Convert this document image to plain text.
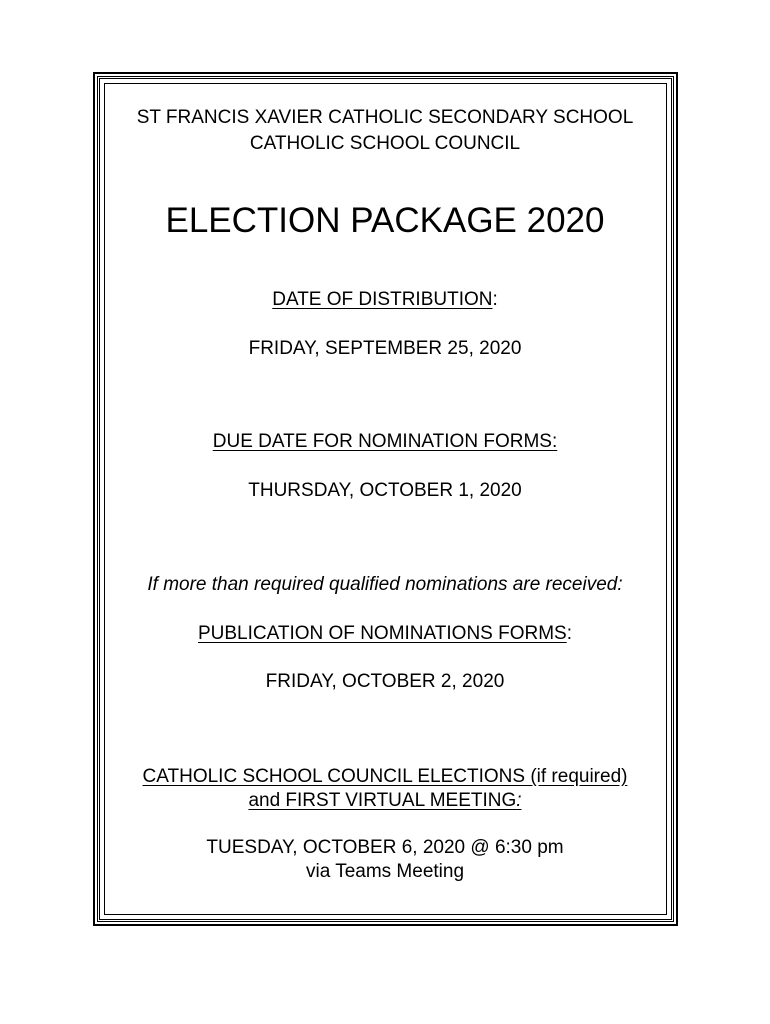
ST FRANCIS XAVIER CATHOLIC SECONDARY SCHOOL
CATHOLIC SCHOOL COUNCIL
ELECTION PACKAGE 2020
DATE OF DISTRIBUTION:
FRIDAY, SEPTEMBER 25, 2020
DUE DATE FOR NOMINATION FORMS:
THURSDAY, OCTOBER 1, 2020
If more than required qualified nominations are received:
PUBLICATION OF NOMINATIONS FORMS:
FRIDAY, OCTOBER 2, 2020
CATHOLIC SCHOOL COUNCIL ELECTIONS (if required)
and FIRST VIRTUAL MEETING:
TUESDAY, OCTOBER 6, 2020 @ 6:30 pm
via Teams Meeting
